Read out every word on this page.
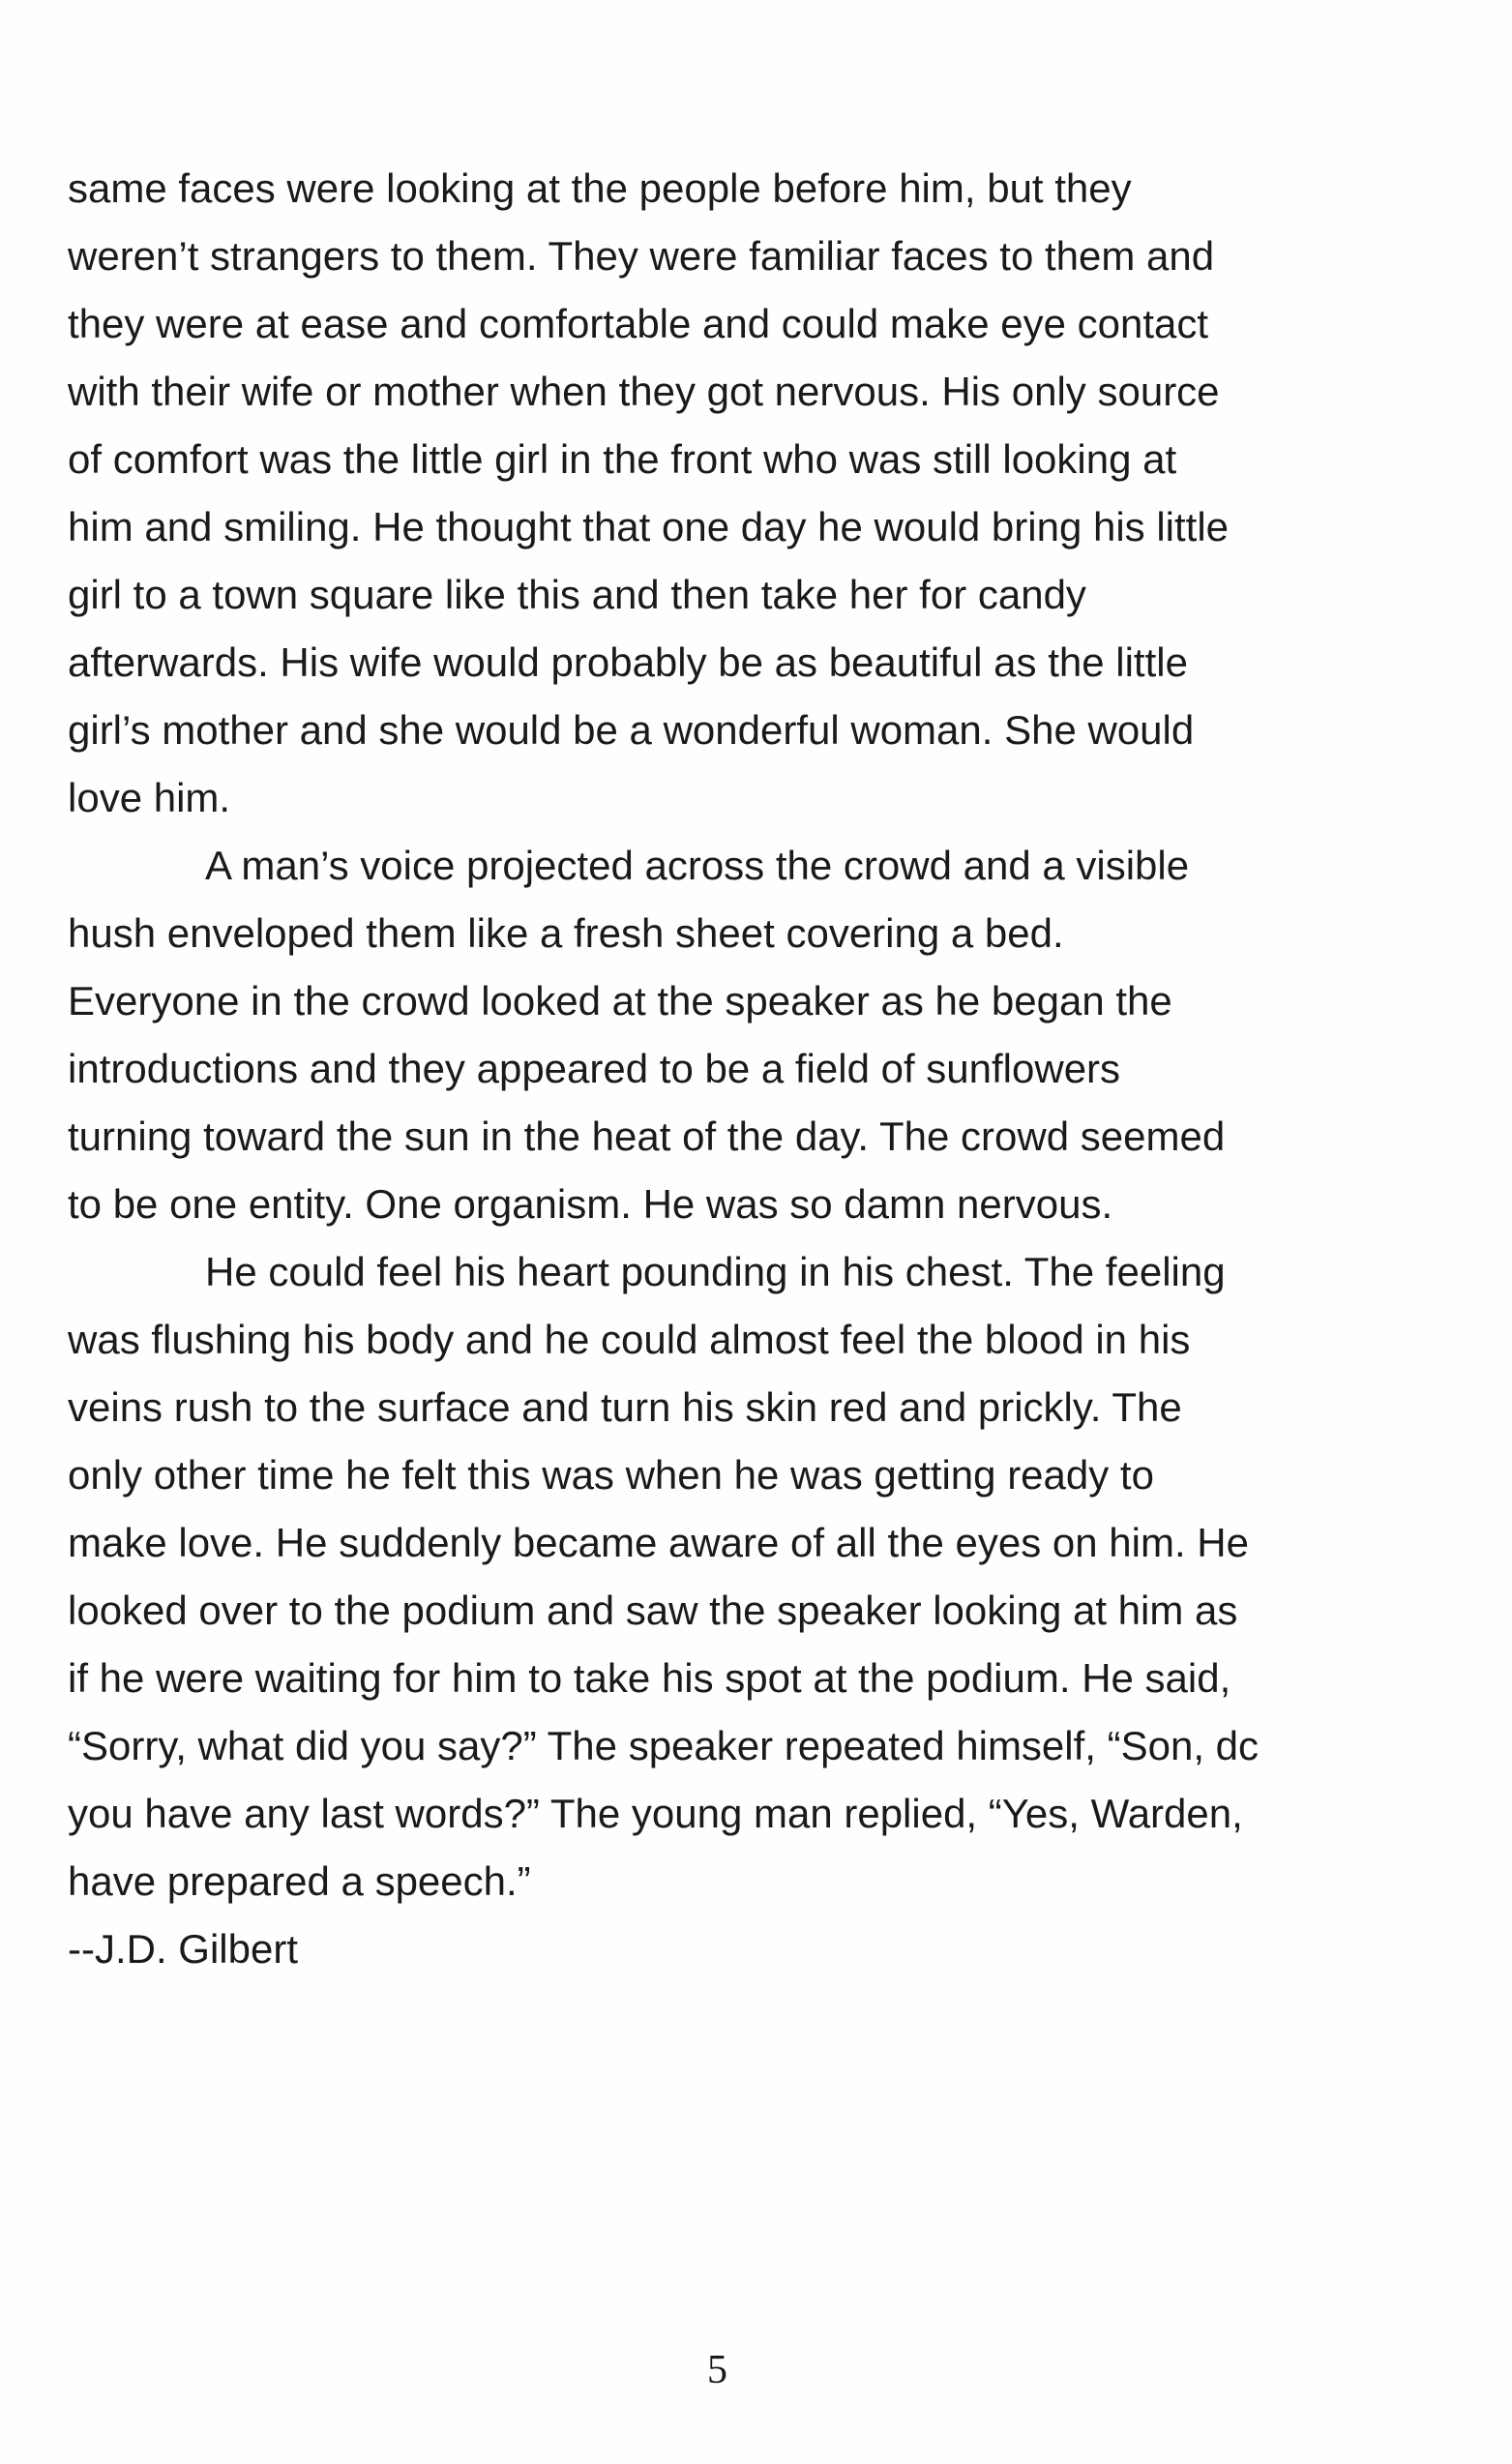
same faces were looking at the people before him, but they
weren’t strangers to them. They were familiar faces to them and
they were at ease and comfortable and could make eye contact
with their wife or mother when they got nervous. His only source
of comfort was the little girl in the front who was still looking at
him and smiling. He thought that one day he would bring his little
girl to a town square like this and then take her for candy
afterwards. His wife would probably be as beautiful as the little
girl’s mother and she would be a wonderful woman. She would
love him.
A man’s voice projected across the crowd and a visible
hush enveloped them like a fresh sheet covering a bed.
Everyone in the crowd looked at the speaker as he began the
introductions and they appeared to be a field of sunflowers
turning toward the sun in the heat of the day. The crowd seemed
to be one entity. One organism. He was so damn nervous.
He could feel his heart pounding in his chest. The feeling
was flushing his body and he could almost feel the blood in his
veins rush to the surface and turn his skin red and prickly. The
only other time he felt this was when he was getting ready to
make love. He suddenly became aware of all the eyes on him. He
looked over to the podium and saw the speaker looking at him as
if he were waiting for him to take his spot at the podium. He said,
“Sorry, what did you say?” The speaker repeated himself, “Son, dc
you have any last words?” The young man replied, “Yes, Warden,
have prepared a speech.”
--J.D. Gilbert
5
